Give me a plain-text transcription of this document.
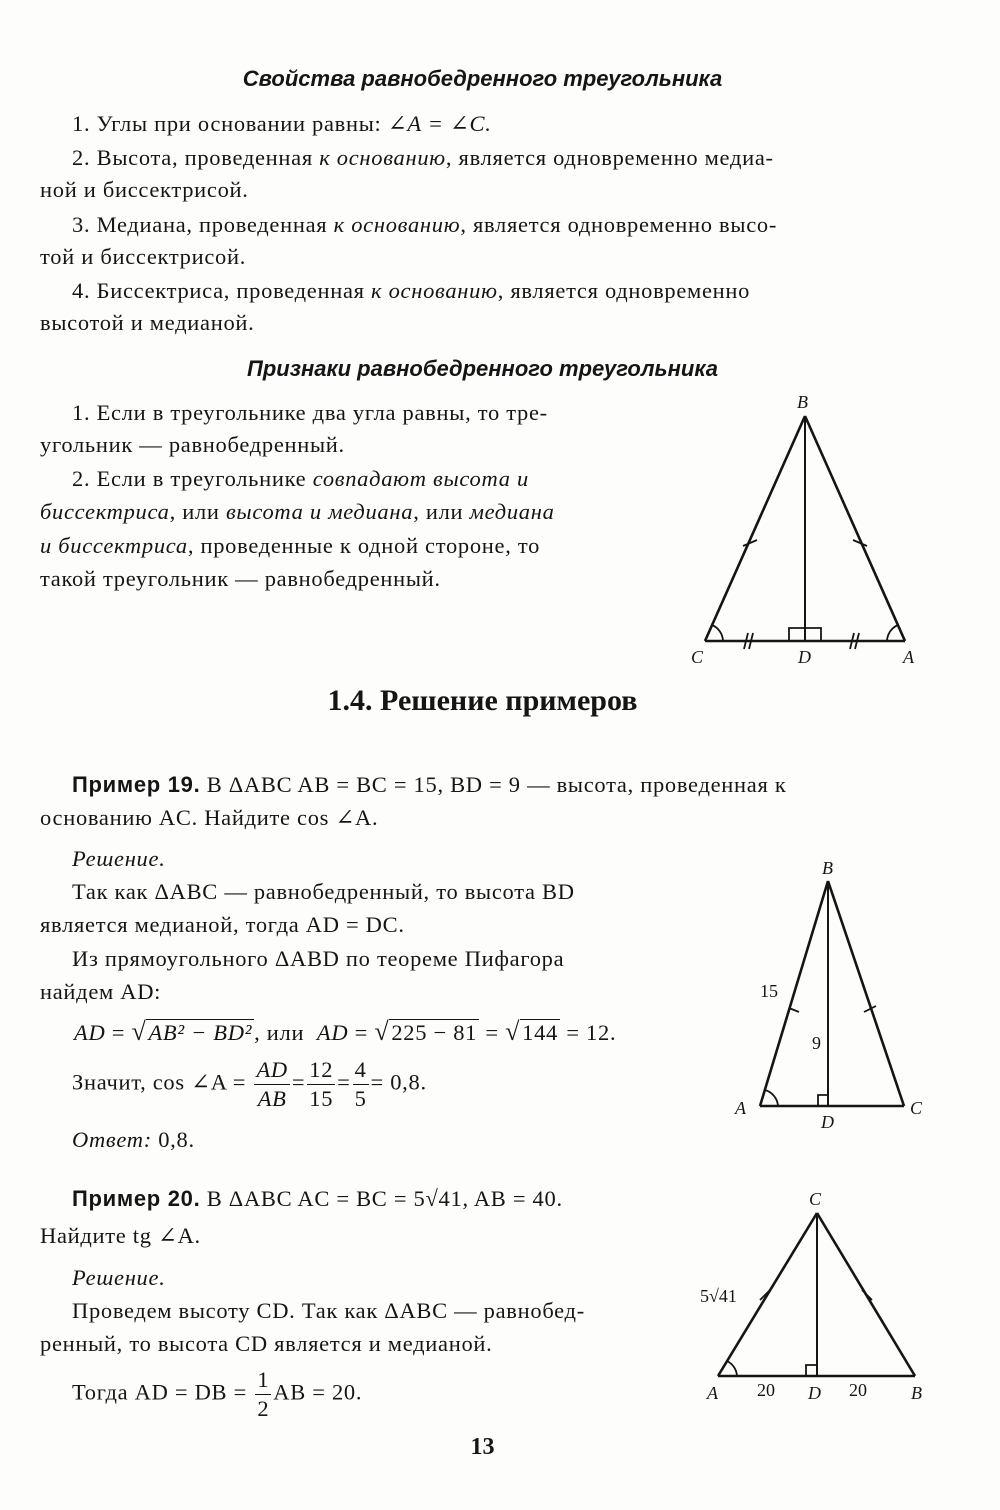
Свойства равнобедренного треугольника
1. Углы при основании равны: ∠A = ∠C.
2. Высота, проведенная к основанию, является одновременно медиа-
ной и биссектрисой.
3. Медиана, проведенная к основанию, является одновременно высо-
той и биссектрисой.
4. Биссектриса, проведенная к основанию, является одновременно
высотой и медианой.
Признаки равнобедренного треугольника
1. Если в треугольнике два угла равны, то тре-
угольник — равнобедренный.
2. Если в треугольнике совпадают высота и
биссектриса, или высота и медиана, или медиана
и биссектриса, проведенные к одной стороне, то
такой треугольник — равнобедренный.
B
C	D	A
1.4. Решение примеров
Пример 19. В ΔABC AB = BC = 15, BD = 9 — высота, проведенная к
основанию AC. Найдите cos ∠A.
Решение.
Так как ΔABC — равнобедренный, то высота BD
является медианой, тогда AD = DC.
Из прямоугольного ΔABD по теореме Пифагора
найдем AD:
AD = √AB² − BD², или AD = √225 − 81 = √144 = 12.
Значит, cos ∠A = $\frac{AD}{AB} = \frac{12}{15} = \frac{4}{5} = 0,8$.
Ответ: 0,8.
B
A	C
D
15
9
Пример 20. В ΔABC AC = BC = 5√41, AB = 40.
Найдите tg ∠A.
Решение.
Проведем высоту CD. Так как ΔABC — равнобед-
ренный, то высота CD является и медианой.
Тогда AD = DB = $\frac{1}{2}$ AB = 20.
C
A	D	B
5√41
20	20
13
